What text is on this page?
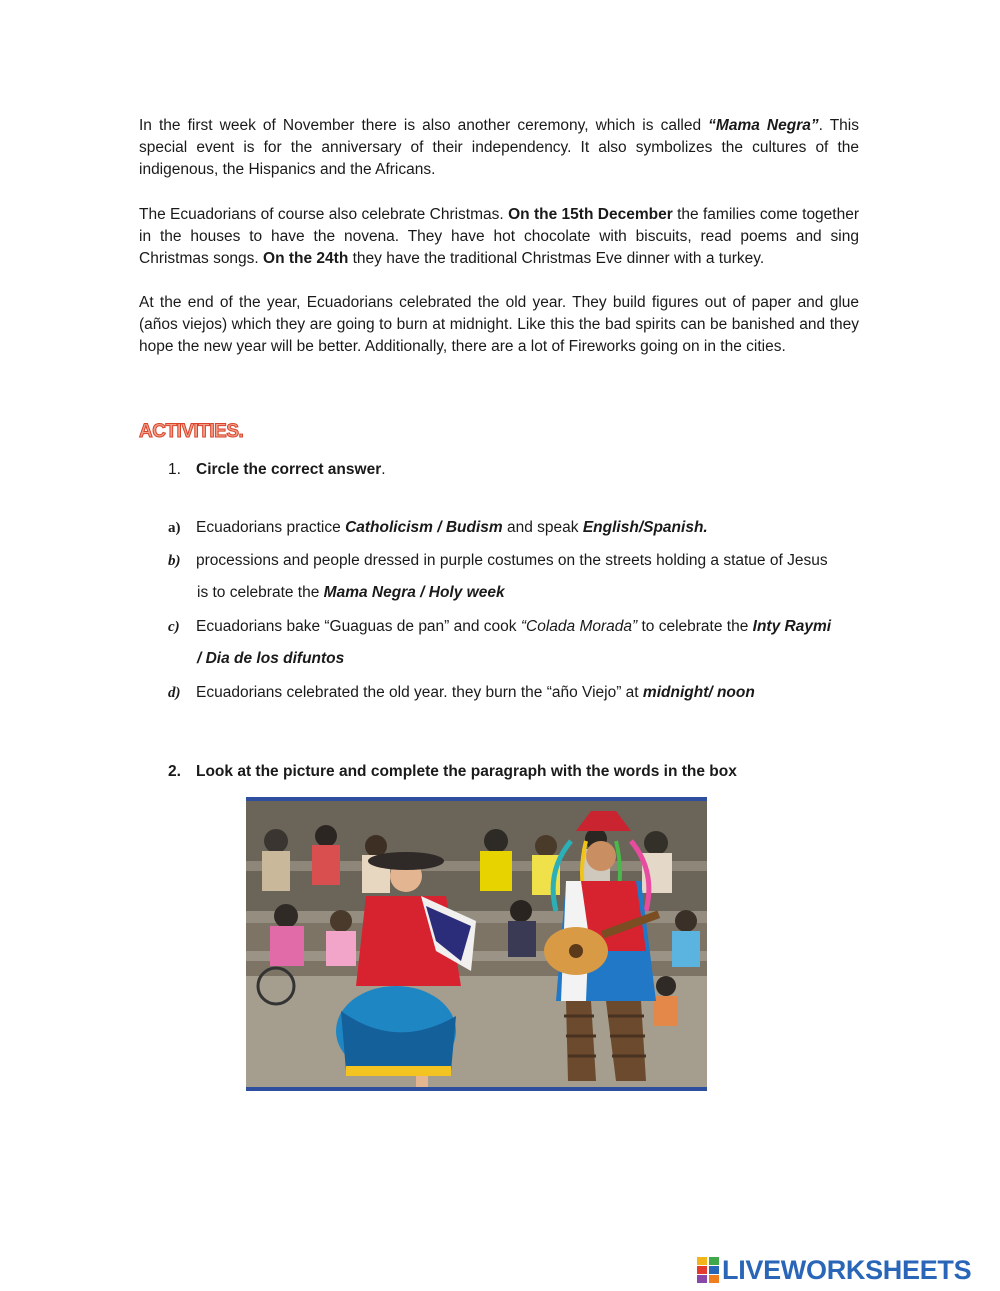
In the first week of November there is also another ceremony, which is called “Mama Negra”. This special event is for the anniversary of their independency. It also symbolizes the cultures of the indigenous, the Hispanics and the Africans.

The Ecuadorians of course also celebrate Christmas. On the 15th December the families come together in the houses to have the novena. They have hot chocolate with biscuits, read poems and sing Christmas songs. On the 24th they have the traditional Christmas Eve dinner with a turkey.

At the end of the year, Ecuadorians celebrated the old year. They build figures out of paper and glue (años viejos) which they are going to burn at midnight. Like this the bad spirits can be banished and they hope the new year will be better. Additionally, there are a lot of Fireworks going on in the cities.

ACTIVITIES.

1. Circle the correct answer.

a) Ecuadorians practice Catholicism / Budism and speak English/Spanish.

b) processions and people dressed in purple costumes on the streets holding a statue of Jesus

is to celebrate the Mama Negra / Holy week

c) Ecuadorians bake “Guaguas de pan” and cook “Colada Morada” to celebrate the Inty Raymi

/ Dia de los difuntos

d) Ecuadorians celebrated the old year. they burn the “año Viejo” at midnight/ noon

2. Look at the picture and complete the paragraph with the words in the box

LIVEWORKSHEETS
